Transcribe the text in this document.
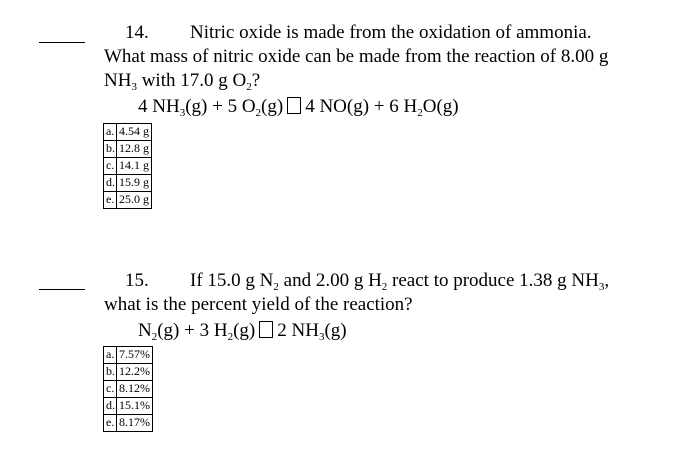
14. Nitric oxide is made from the oxidation of ammonia.
What mass of nitric oxide can be made from the reaction of 8.00 g
$NH_3$ with 17.0 g $O_2$?
4 $NH_3(g) + 5$ $O_2(g)$ 4 NO(g) + 6 $H_2O(g)$
a.	4.54 g
b.	12.8 g
c.	14.1 g
d.	15.9 g
e.	25.0 g
15. If 15.0 g $N_2$ and 2.00 g $H_2$ react to produce 1.38 g $NH_3$,
what is the percent yield of the reaction?
$N_2(g) + 3$ $H_2(g)$ 2 $NH_3(g)$
a.	7.57%
b.	12.2%
c.	8.12%
d.	15.1%
e.	8.17%
